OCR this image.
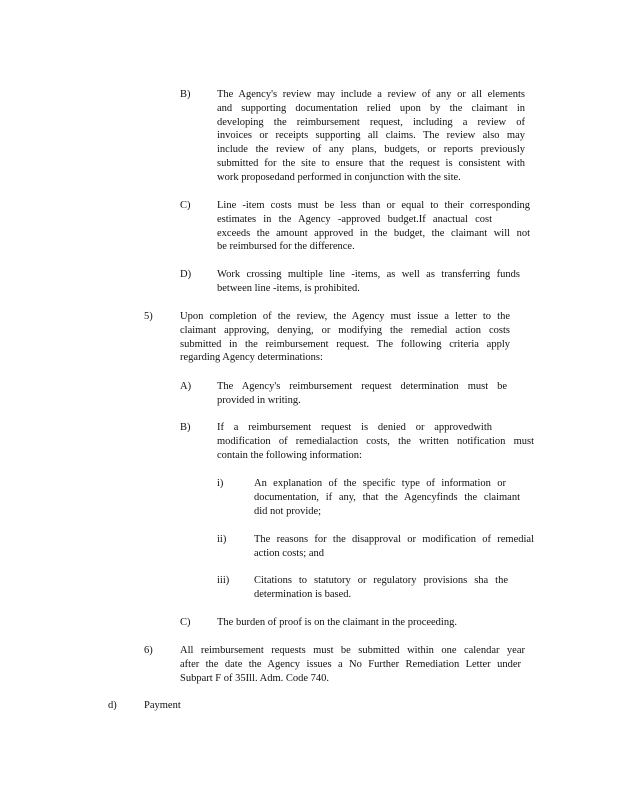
B)	The Agency's review may include a review of any or all elements
and supporting documentation relied upon by the claimant in
developing the reimbursement request, including a review of
invoices or receipts supporting all claims. The review also may
include the review of any plans, budgets, or reports previously
submitted for the site to ensure that the request is consistent with
work proposedand performed in conjunction with the site.
C)	Line -item costs must be less than or equal to their corresponding
estimates in the Agency -approved budget.If anactual cost
exceeds the amount approved in the budget, the claimant will not
be reimbursed for the difference.
D) Work crossing multiple line -items, as well as transferring funds
between line -items, is prohibited.
5)	Upon completion of the review, the Agency must issue a letter to the
claimant approving, denying, or modifying the remedial action costs
submitted in the reimbursement request. The following criteria apply
regarding Agency determinations:
A) The Agency's reimbursement request determination must be
provided in writing.
B)	If a reimbursement request is denied or approvedwith
modification of remedialaction costs, the written notification must
contain the following information:
i)	An explanation of the specific type of information or
documentation, if any, that the Agencyfinds the claimant
did not provide;
ii)	The reasons for the disapproval or modification of remedial
action costs; and
iii) Citations to statutory or regulatory provisions sha the
determination is based.
C)	The burden of proof is on the claimant in the proceeding.
6)	All reimbursement requests must be submitted within one calendar year
after the date the Agency issues a No Further Remediation Letter under
Subpart F of 35Ill. Adm. Code 740.
d)	Payment
